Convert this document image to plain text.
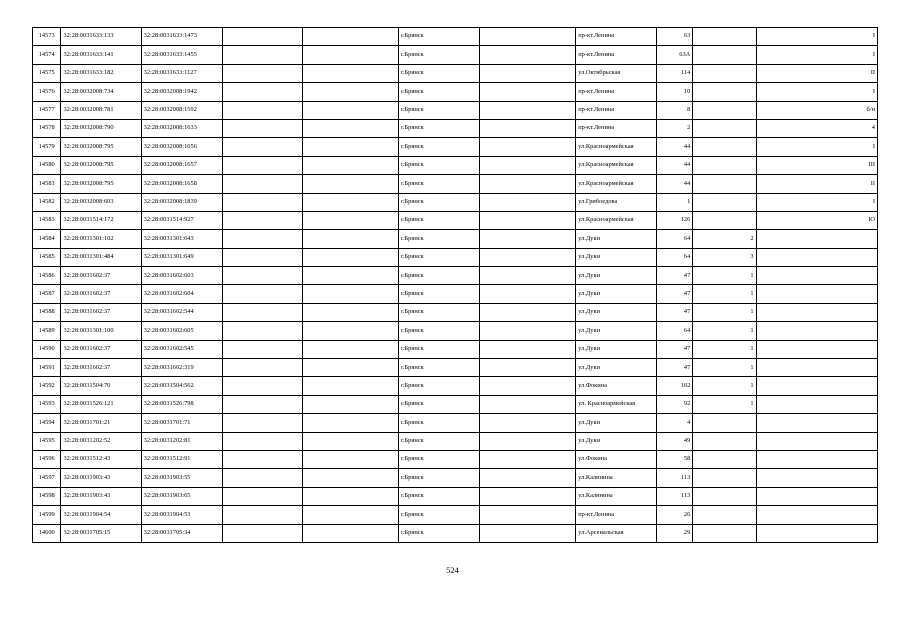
14573	32:28:0031633:133	32:28:0031633:1473			г.Брянск		пр-кт.Ленина	63		I
14574	32:28:0031633:141	32:28:0031633:1455			г.Брянск		пр-кт.Ленина	63А		I
14575	32:28:0031633:182	32:28:0031633:1127			г.Брянск		ул.Октябрьская	114		II
14576	32:28:0032008:734	32:28:0032008:1942			г.Брянск		пр-кт.Ленина	10		I
14577	32:28:0032008:781	32:28:0032008:1592			г.Брянск		пр-кт.Ленина	8		б/н
14578	32:28:0032008:790	32:28:0032008:1633			г.Брянск		пр-кт.Ленина	2		4
14579	32:28:0032008:795	32:28:0032008:1656			г.Брянск		ул.Красноармейская	44		I
14580	32:28:0032008:795	32:28:0032008:1657			г.Брянск		ул.Красноармейская	44		III
14581	32:28:0032008:795	32:28:0032008:1658			г.Брянск		ул.Красноармейская	44		II
14582	32:28:0032008:603	32:28:0032008:1839			г.Брянск		ул.Грибоедова	1		I
14583	32:28:0031514:172	32:28:0031514:927			г.Брянск		ул.Красноармейская	126		IO
14584	32:28:0031301:102	32:28:0031301:643			г.Брянск		ул.Дуки	64	2	
14585	32:28:0031301:484	32:28:0031301:649			г.Брянск		ул.Дуки	64	3	
14586	32:28:0031602:37	32:28:0031602:603			г.Брянск		ул.Дуки	47	1	
14587	32:28:0031602:37	32:28:0031602:604			г.Брянск		ул.Дуки	47	1	
14588	32:28:0031602:37	32:28:0031602:544			г.Брянск		ул.Дуки	47	1	
14589	32:28:0031301:100	32:28:0031602:605			г.Брянск		ул.Дуки	64	1	
14590	32:28:0031602:37	32:28:0031602:545			г.Брянск		ул.Дуки	47	1	
14591	32:28:0031602:37	32:28:0031602:319			г.Брянск		ул.Дуки	47	1	
14592	32:28:0031504:70	32:28:0031504:562			г.Брянск		ул.Фокина	102	1	
14593	32:28:0031526:121	32:28:0031526:798			г.Брянск		ул. Красноармейская	92	1	
14594	32:28:0031701:21	32:28:0031701:71			г.Брянск		ул.Дуки	4		
14595	32:28:0031202:52	32:28:0031202:81			г.Брянск		ул.Дуки	49		
14596	32:28:0031512:43	32:28:0031512:91			г.Брянск		ул.Фокина	58		
14597	32:28:0031903:43	32:28:0031903:55			г.Брянск		ул.Калинина	113		
14598	32:28:0031903:43	32:28:0031903:65			г.Брянск		ул.Калинина	113		
14599	32:28:0031904:54	32:28:0031904:53			г.Брянск		пр-кт.Ленина	26		
14600	32:28:0031705:15	32:28:0031705:34			г.Брянск		ул.Арсенальская	29		
524
